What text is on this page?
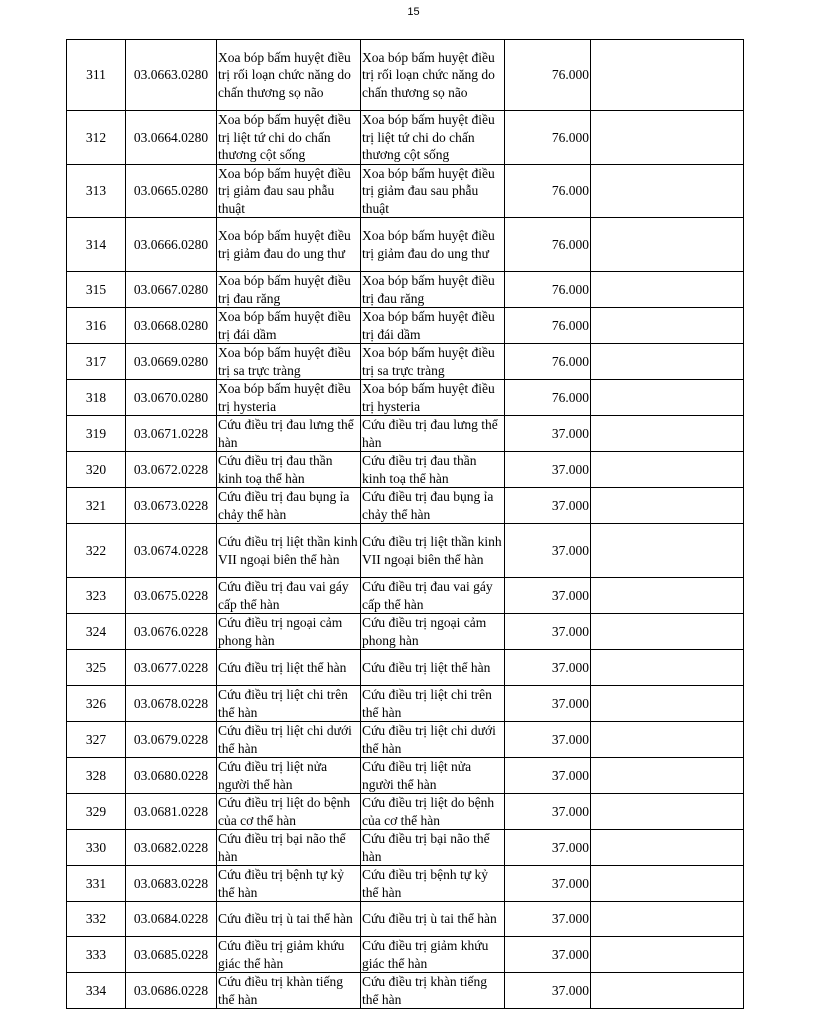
15
311	03.0663.0280	Xoa bóp bấm huyệt điều trị rối loạn chức năng do chấn thương sọ não	Xoa bóp bấm huyệt điều trị rối loạn chức năng do chấn thương sọ não	76.000	
312	03.0664.0280	Xoa bóp bấm huyệt điều trị liệt tứ chi do chấn thương cột sống	Xoa bóp bấm huyệt điều trị liệt tứ chi do chấn thương cột sống	76.000	
313	03.0665.0280	Xoa bóp bấm huyệt điều trị giảm đau sau phẫu thuật	Xoa bóp bấm huyệt điều trị giảm đau sau phẫu thuật	76.000	
314	03.0666.0280	Xoa bóp bấm huyệt điều trị giảm đau do ung thư	Xoa bóp bấm huyệt điều trị giảm đau do ung thư	76.000	
315	03.0667.0280	Xoa bóp bấm huyệt điều trị đau răng	Xoa bóp bấm huyệt điều trị đau răng	76.000	
316	03.0668.0280	Xoa bóp bấm huyệt điều trị đái dầm	Xoa bóp bấm huyệt điều trị đái dầm	76.000	
317	03.0669.0280	Xoa bóp bấm huyệt điều trị sa trực tràng	Xoa bóp bấm huyệt điều trị sa trực tràng	76.000	
318	03.0670.0280	Xoa bóp bấm huyệt điều trị hysteria	Xoa bóp bấm huyệt điều trị hysteria	76.000	
319	03.0671.0228	Cứu điều trị đau lưng thể hàn	Cứu điều trị đau lưng thể hàn	37.000	
320	03.0672.0228	Cứu điều trị đau thần kinh toạ thể hàn	Cứu điều trị đau thần kinh toạ thể hàn	37.000	
321	03.0673.0228	Cứu điều trị đau bụng ỉa chảy thể hàn	Cứu điều trị đau bụng ỉa chảy thể hàn	37.000	
322	03.0674.0228	Cứu điều trị liệt thần kinh VII ngoại biên thể hàn	Cứu điều trị liệt thần kinh VII ngoại biên thể hàn	37.000	
323	03.0675.0228	Cứu điều trị đau vai gáy cấp thể hàn	Cứu điều trị đau vai gáy cấp thể hàn	37.000	
324	03.0676.0228	Cứu điều trị ngoại cảm phong hàn	Cứu điều trị ngoại cảm phong hàn	37.000	
325	03.0677.0228	Cứu điều trị liệt thể hàn	Cứu điều trị liệt thể hàn	37.000	
326	03.0678.0228	Cứu điều trị liệt chi trên thể hàn	Cứu điều trị liệt chi trên thể hàn	37.000	
327	03.0679.0228	Cứu điều trị liệt chi dưới thể hàn	Cứu điều trị liệt chi dưới thể hàn	37.000	
328	03.0680.0228	Cứu điều trị liệt nửa người thể hàn	Cứu điều trị liệt nửa người thể hàn	37.000	
329	03.0681.0228	Cứu điều trị liệt do bệnh của cơ thể hàn	Cứu điều trị liệt do bệnh của cơ thể hàn	37.000	
330	03.0682.0228	Cứu điều trị bại não thể hàn	Cứu điều trị bại não thể hàn	37.000	
331	03.0683.0228	Cứu điều trị bệnh tự kỷ thể hàn	Cứu điều trị bệnh tự kỷ thể hàn	37.000	
332	03.0684.0228	Cứu điều trị ù tai thể hàn	Cứu điều trị ù tai thể hàn	37.000	
333	03.0685.0228	Cứu điều trị giảm khứu giác thể hàn	Cứu điều trị giảm khứu giác thể hàn	37.000	
334	03.0686.0228	Cứu điều trị khàn tiếng thể hàn	Cứu điều trị khàn tiếng thể hàn	37.000	
